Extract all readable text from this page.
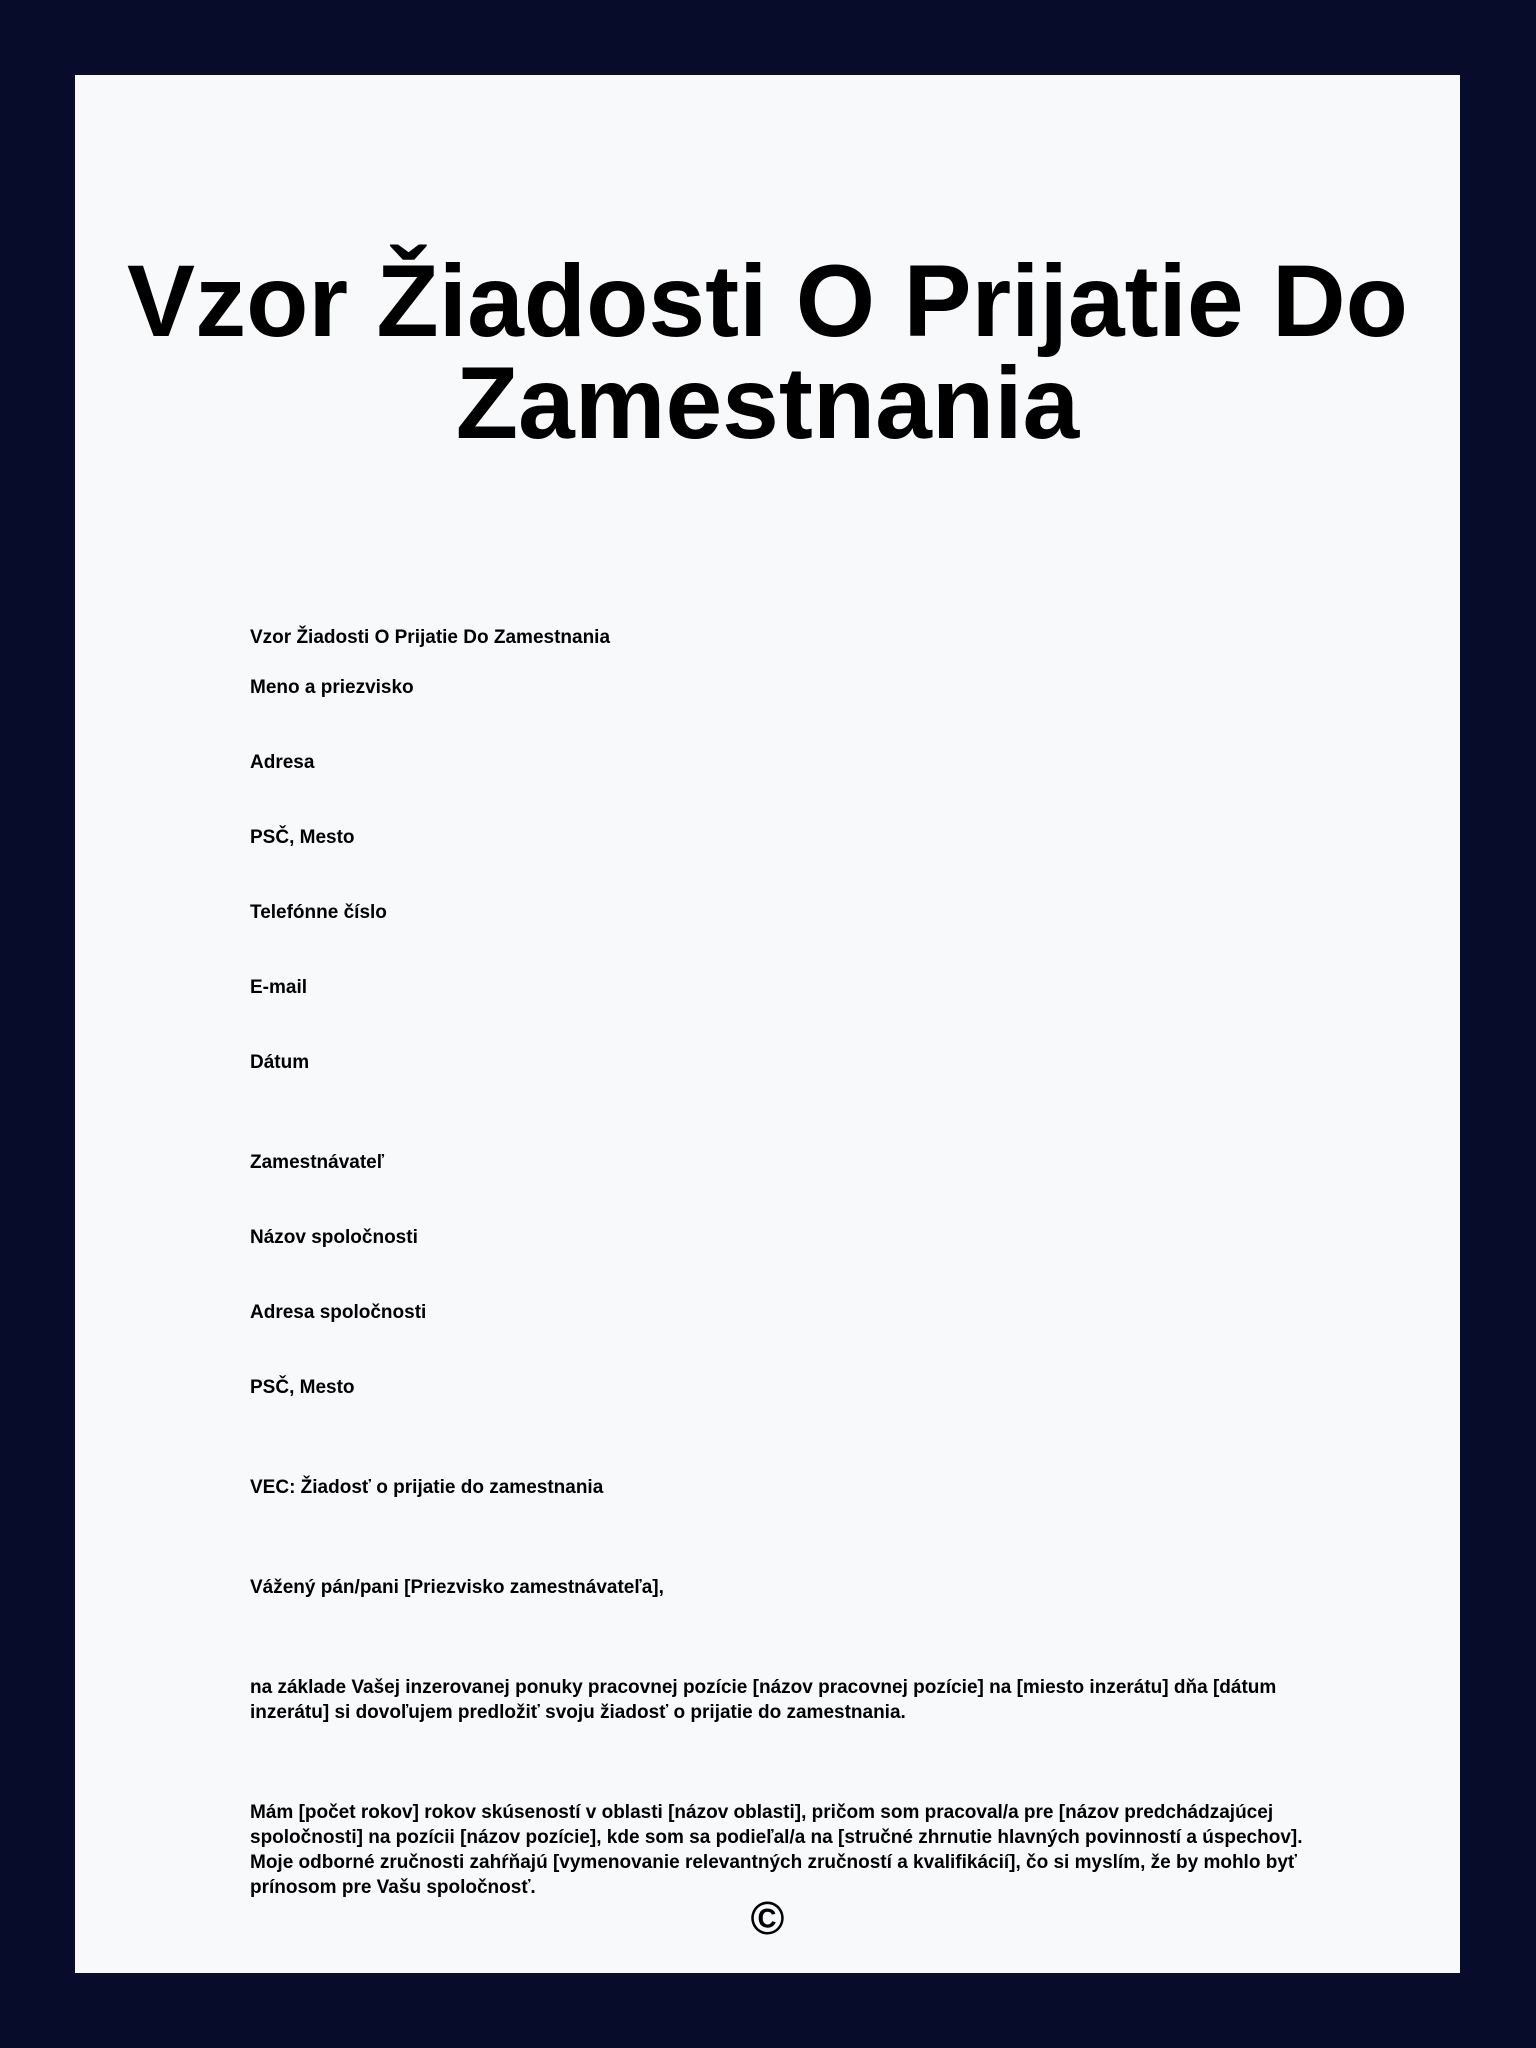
Vzor Žiadosti O Prijatie Do Zamestnania

Vzor Žiadosti O Prijatie Do Zamestnania

Meno a priezvisko

Adresa

PSČ, Mesto

Telefónne číslo

E-mail

Dátum

Zamestnávateľ

Názov spoločnosti

Adresa spoločnosti

PSČ, Mesto

VEC: Žiadosť o prijatie do zamestnania

Vážený pán/pani [Priezvisko zamestnávateľa],

na základe Vašej inzerovanej ponuky pracovnej pozície [názov pracovnej pozície] na [miesto inzerátu] dňa [dátum inzerátu] si dovoľujem predložiť svoju žiadosť o prijatie do zamestnania.

Mám [počet rokov] rokov skúseností v oblasti [názov oblasti], pričom som pracoval/a pre [názov predchádzajúcej spoločnosti] na pozícii [názov pozície], kde som sa podieľal/a na [stručné zhrnutie hlavných povinností a úspechov]. Moje odborné zručnosti zahŕňajú [vymenovanie relevantných zručností a kvalifikácií], čo si myslím, že by mohlo byť prínosom pre Vašu spoločnosť.

©
